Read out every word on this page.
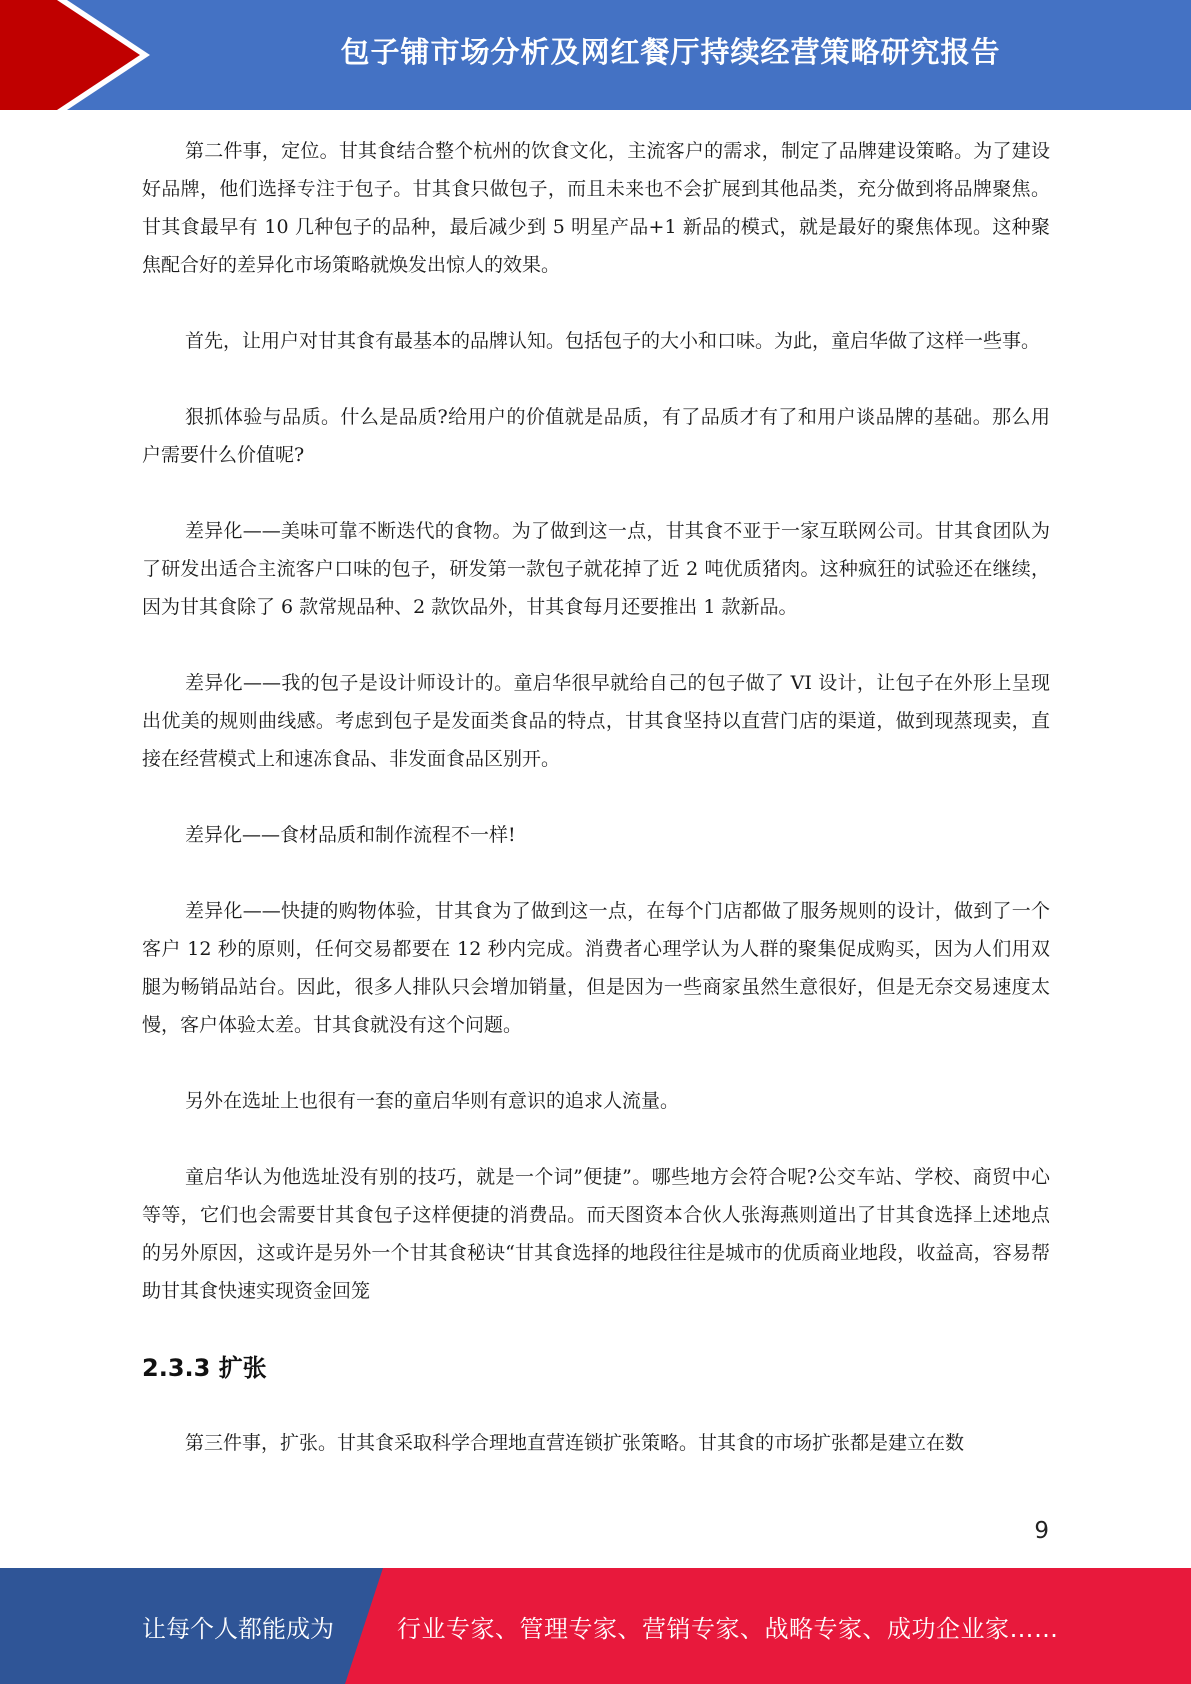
包子铺市场分析及网红餐厅持续经营策略研究报告

第二件事，定位。甘其食结合整个杭州的饮食文化，主流客户的需求，制定了品牌建设策略。为了建设好品牌，他们选择专注于包子。甘其食只做包子，而且未来也不会扩展到其他品类，充分做到将品牌聚焦。甘其食最早有 10 几种包子的品种，最后减少到 5 明星产品+1 新品的模式，就是最好的聚焦体现。这种聚焦配合好的差异化市场策略就焕发出惊人的效果。

首先，让用户对甘其食有最基本的品牌认知。包括包子的大小和口味。为此，童启华做了这样一些事。

狠抓体验与品质。什么是品质?给用户的价值就是品质，有了品质才有了和用户谈品牌的基础。那么用户需要什么价值呢?

差异化——美味可靠不断迭代的食物。为了做到这一点，甘其食不亚于一家互联网公司。甘其食团队为了研发出适合主流客户口味的包子，研发第一款包子就花掉了近 2 吨优质猪肉。这种疯狂的试验还在继续，因为甘其食除了 6 款常规品种、2 款饮品外，甘其食每月还要推出 1 款新品。

差异化——我的包子是设计师设计的。童启华很早就给自己的包子做了 VI 设计，让包子在外形上呈现出优美的规则曲线感。考虑到包子是发面类食品的特点，甘其食坚持以直营门店的渠道，做到现蒸现卖，直接在经营模式上和速冻食品、非发面食品区别开。

差异化——食材品质和制作流程不一样!

差异化——快捷的购物体验，甘其食为了做到这一点，在每个门店都做了服务规则的设计，做到了一个客户 12 秒的原则，任何交易都要在 12 秒内完成。消费者心理学认为人群的聚集促成购买，因为人们用双腿为畅销品站台。因此，很多人排队只会增加销量，但是因为一些商家虽然生意很好，但是无奈交易速度太慢，客户体验太差。甘其食就没有这个问题。

另外在选址上也很有一套的童启华则有意识的追求人流量。

童启华认为他选址没有别的技巧，就是一个词”便捷”。哪些地方会符合呢?公交车站、学校、商贸中心等等，它们也会需要甘其食包子这样便捷的消费品。而天图资本合伙人张海燕则道出了甘其食选择上述地点的另外原因，这或许是另外一个甘其食秘诀“甘其食选择的地段往往是城市的优质商业地段，收益高，容易帮助甘其食快速实现资金回笼

2.3.3 扩张

第三件事，扩张。甘其食采取科学合理地直营连锁扩张策略。甘其食的市场扩张都是建立在数

9
让每个人都能成为	行业专家、管理专家、营销专家、战略专家、成功企业家……
